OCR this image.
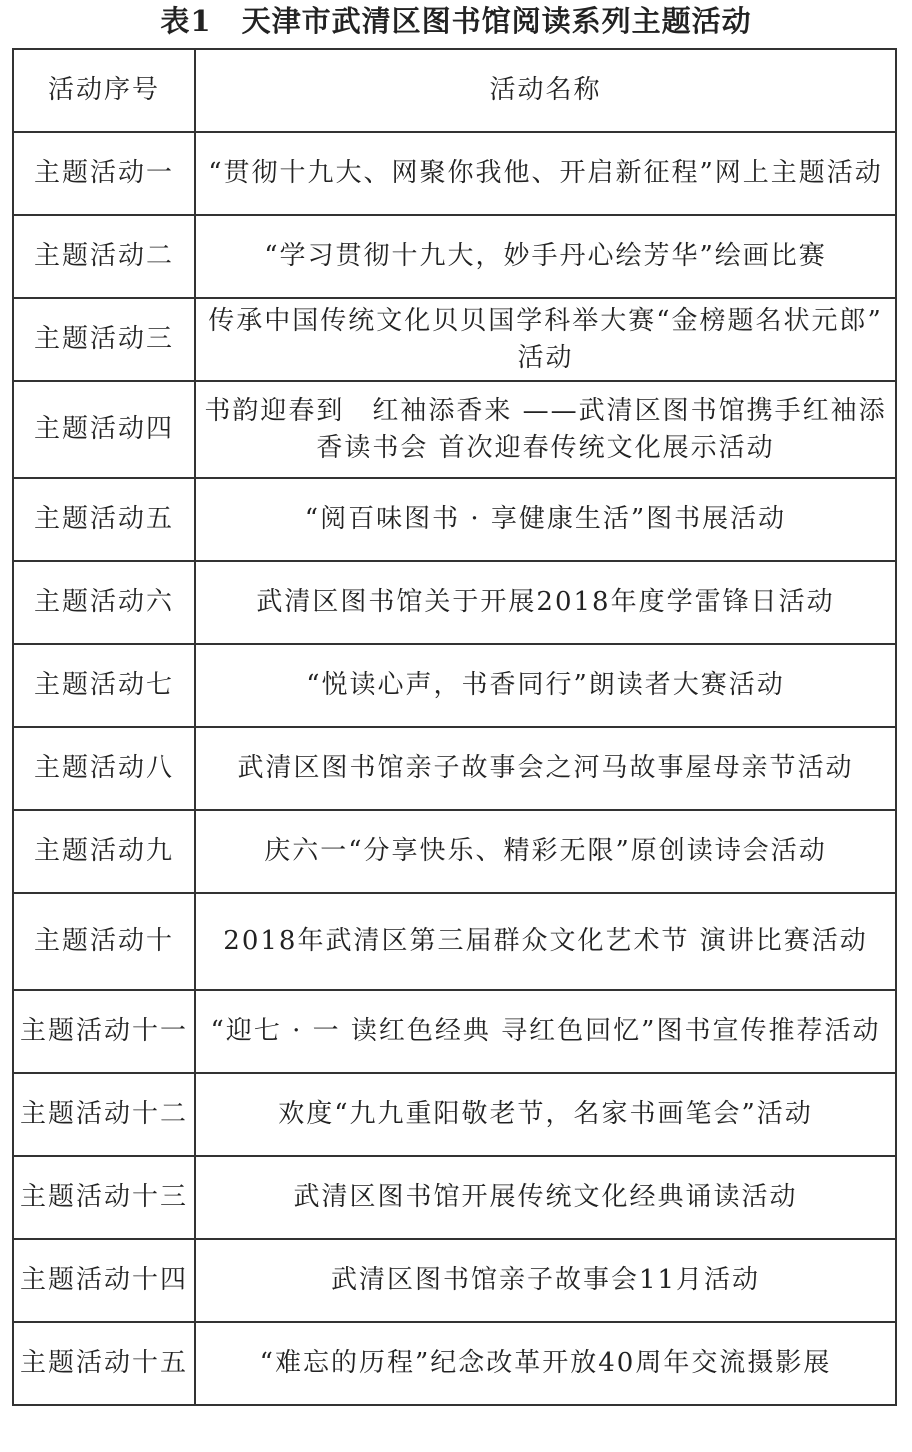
表1 天津市武清区图书馆阅读系列主题活动
活动序号	活动名称
主题活动一	“贯彻十九大、网聚你我他、开启新征程”网上主题活动
主题活动二	“学习贯彻十九大，妙手丹心绘芳华”绘画比赛
主题活动三	传承中国传统文化贝贝国学科举大赛“金榜题名状元郎” 活动
主题活动四	书韵迎春到　红袖添香来 ——武清区图书馆携手红袖添香读书会 首次迎春传统文化展示活动
主题活动五	“阅百味图书 · 享健康生活”图书展活动
主题活动六	武清区图书馆关于开展2018年度学雷锋日活动
主题活动七	“悦读心声，书香同行”朗读者大赛活动
主题活动八	武清区图书馆亲子故事会之河马故事屋母亲节活动
主题活动九	庆六一“分享快乐、精彩无限”原创读诗会活动
主题活动十	2018年武清区第三届群众文化艺术节 演讲比赛活动
主题活动十一	“迎七 · 一 读红色经典 寻红色回忆”图书宣传推荐活动
主题活动十二	欢度“九九重阳敬老节，名家书画笔会”活动
主题活动十三	武清区图书馆开展传统文化经典诵读活动
主题活动十四	武清区图书馆亲子故事会11月活动
主题活动十五	“难忘的历程”纪念改革开放40周年交流摄影展
